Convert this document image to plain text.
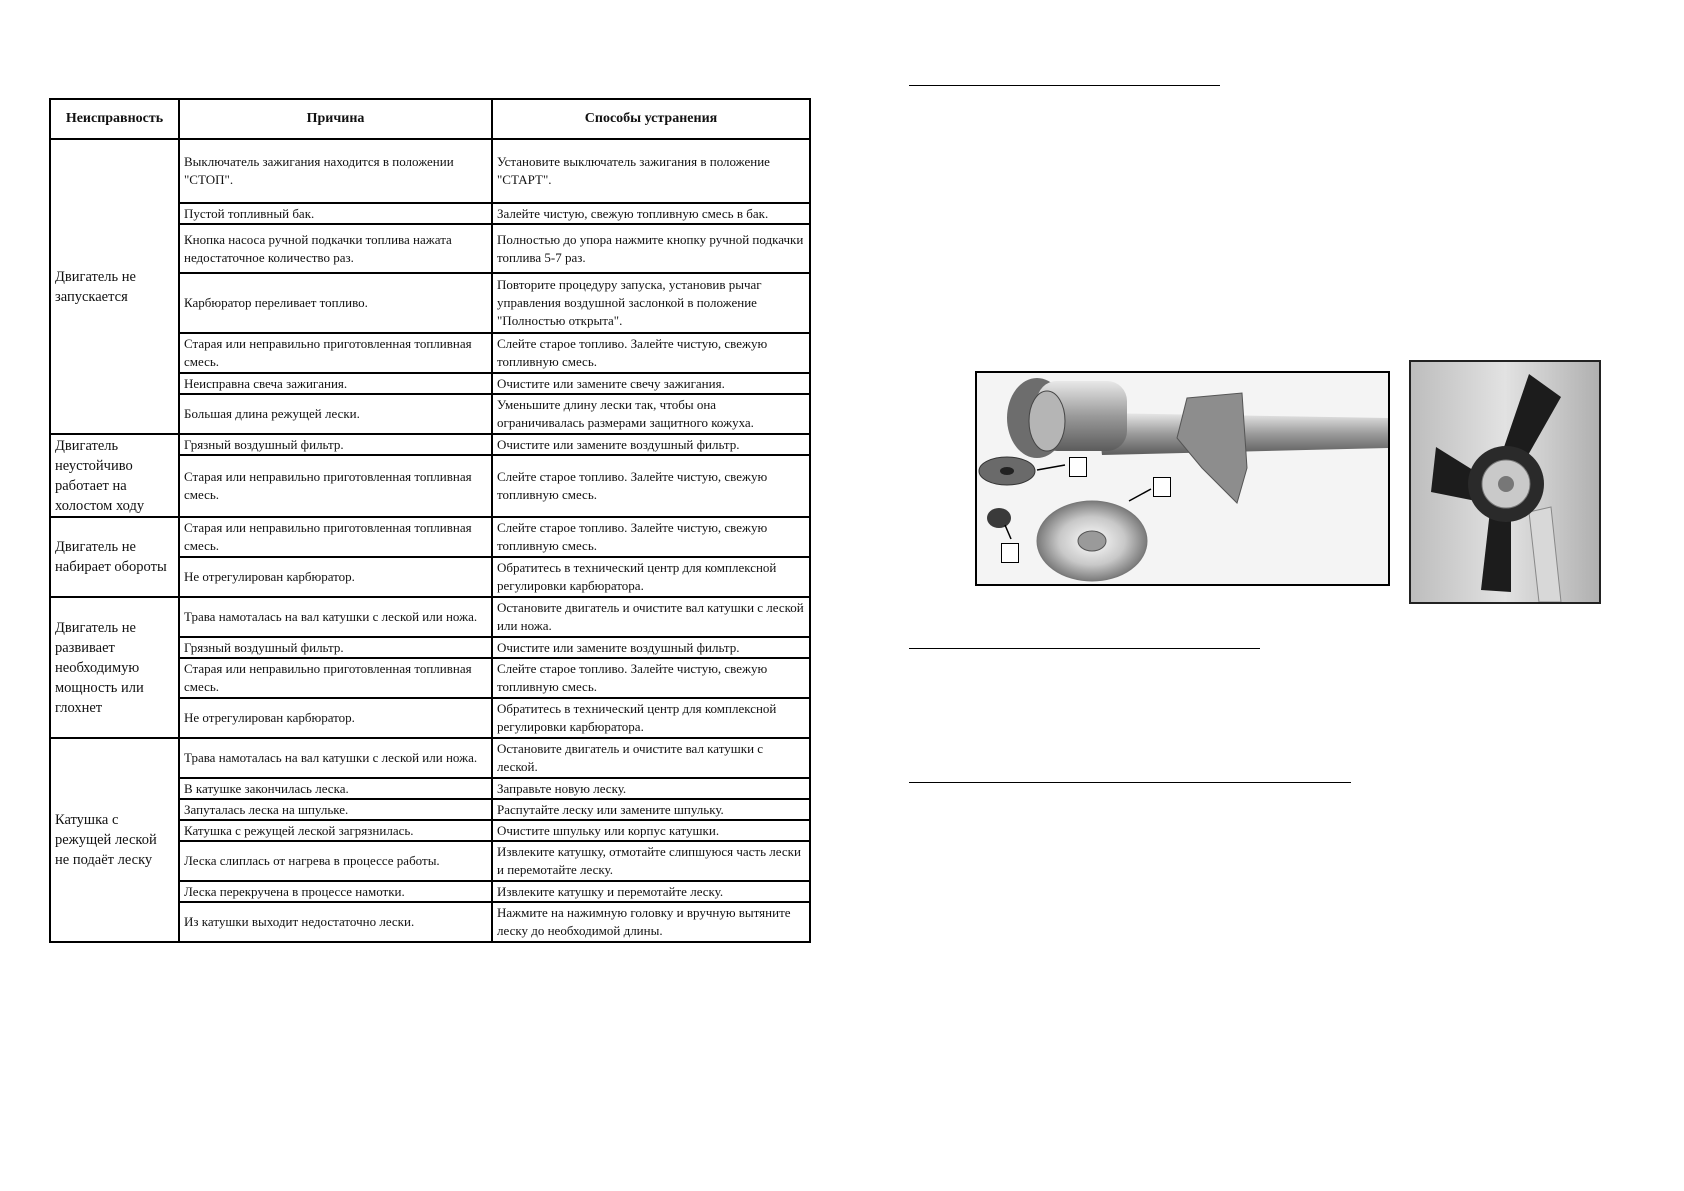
Неисправность	Причина	Способы устранения
Двигатель не запускается	Выключатель зажигания находится в положении "СТОП".	Установите выключатель зажигания в положение "СТАРТ".
	Пустой топливный бак.	Залейте чистую, свежую топливную смесь в бак.
	Кнопка насоса ручной подкачки топлива нажата недостаточное количество раз.	Полностью до упора нажмите кнопку ручной подкачки топлива 5-7 раз.
	Карбюратор переливает топливо.	Повторите процедуру запуска, установив рычаг управления воздушной заслонкой в положение "Полностью открыта".
	Старая или неправильно приготовленная топливная смесь.	Слейте старое топливо. Залейте чистую, свежую топливную смесь.
	Неисправна свеча зажигания.	Очистите или замените свечу зажигания.
	Большая длина режущей лески.	Уменьшите длину лески так, чтобы она ограничивалась размерами защитного кожуха.
Двигатель неустойчиво работает на холостом ходу	Грязный воздушный фильтр.	Очистите или замените воздушный фильтр.
	Старая или неправильно приготовленная топливная смесь.	Слейте старое топливо. Залейте чистую, свежую топливную смесь.
Двигатель не набирает обороты	Старая или неправильно приготовленная топливная смесь.	Слейте старое топливо. Залейте чистую, свежую топливную смесь.
	Не отрегулирован карбюратор.	Обратитесь в технический центр для комплексной регулировки карбюратора.
Двигатель не развивает необходимую мощность или глохнет	Трава намоталась на вал катушки с леской или ножа.	Остановите двигатель и очистите вал катушки с леской или ножа.
	Грязный воздушный фильтр.	Очистите или замените воздушный фильтр.
	Старая или неправильно приготовленная топливная смесь.	Слейте старое топливо. Залейте чистую, свежую топливную смесь.
	Не отрегулирован карбюратор.	Обратитесь в технический центр для комплексной регулировки карбюратора.
Катушка с режущей леской не подаёт леску	Трава намоталась на вал катушки с леской или ножа.	Остановите двигатель и очистите вал катушки с леской.
	В катушке закончилась леска.	Заправьте новую леску.
	Запуталась леска на шпульке.	Распутайте леску или замените шпульку.
	Катушка с режущей леской загрязнилась.	Очистите шпульку или корпус катушки.
	Леска слиплась от нагрева в процессе работы.	Извлеките катушку, отмотайте слипшуюся часть лески и перемотайте леску.
	Леска перекручена в процессе намотки.	Извлеките катушку и перемотайте леску.
	Из катушки выходит недостаточно лески.	Нажмите на нажимную головку и вручную вытяните леску до необходимой длины.
